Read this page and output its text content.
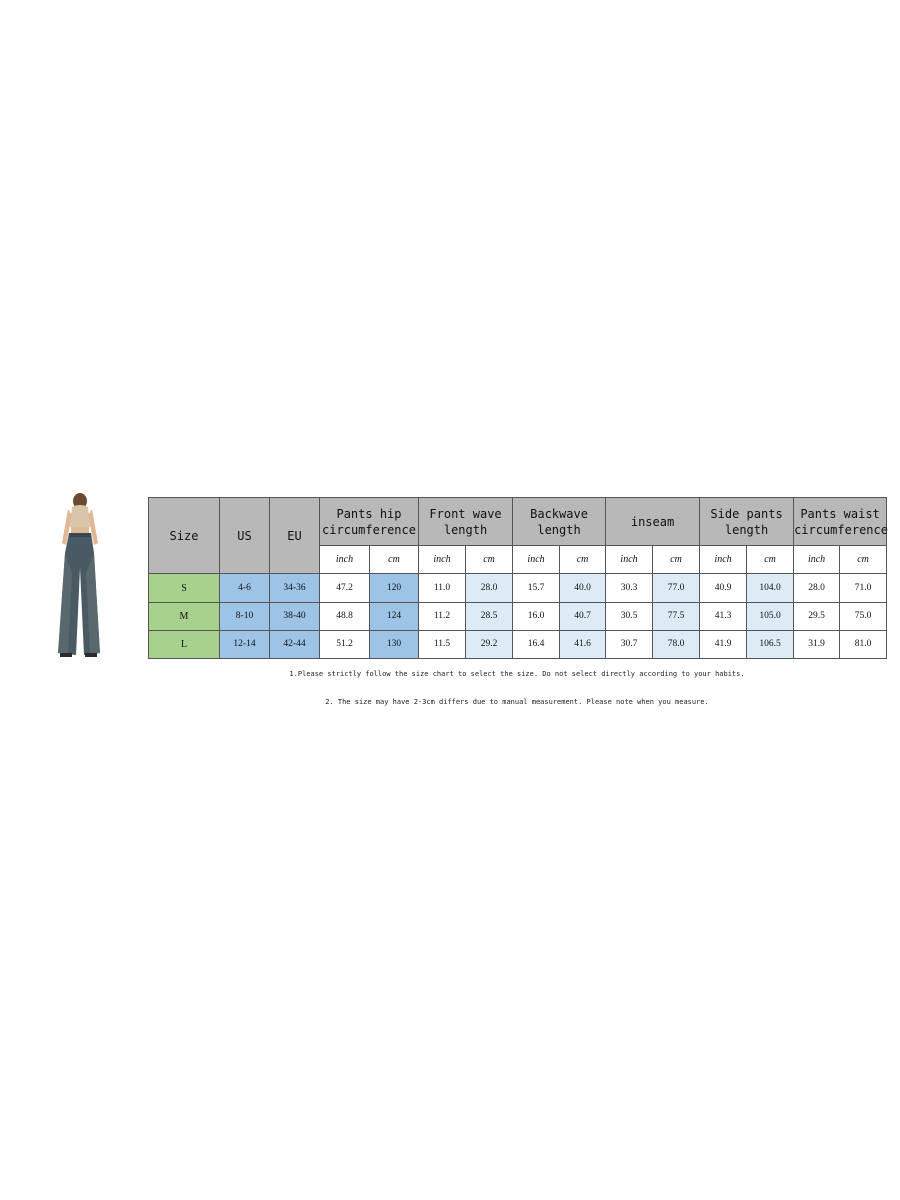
Size	US	EU	Pants hip circumference		Front wave length		Backwave length		inseam		Side pants length		Pants waist circumference	
			inch	cm	inch	cm	inch	cm	inch	cm	inch	cm	inch	cm
S	4-6	34-36	47.2	120	11.0	28.0	15.7	40.0	30.3	77.0	40.9	104.0	28.0	71.0
M	8-10	38-40	48.8	124	11.2	28.5	16.0	40.7	30.5	77.5	41.3	105.0	29.5	75.0
L	12-14	42-44	51.2	130	11.5	29.2	16.4	41.6	30.7	78.0	41.9	106.5	31.9	81.0
1.Please strictly follow the size chart to select the size. Do not select directly according to your habits.
2. The size may have 2-3cm differs due to manual measurement. Please note when you measure.
